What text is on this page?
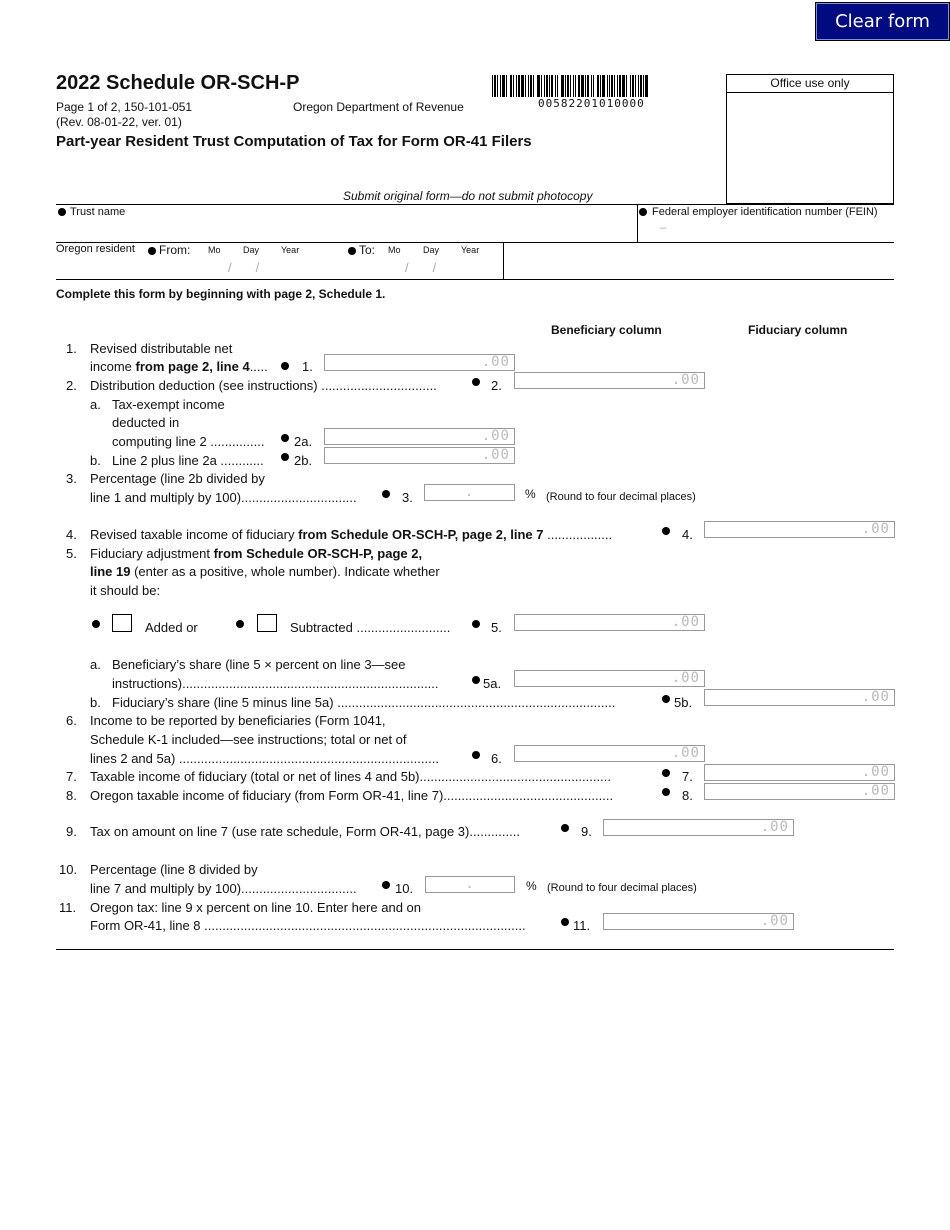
Clear form
2022 Schedule OR-SCH-P
Page 1 of 2, 150-101-051
(Rev. 08-01-22, ver. 01)
Oregon Department of Revenue	00582201010000
Office use only
Part-year Resident Trust Computation of Tax for Form OR-41 Filers
Submit original form—do not submit photocopy
Trust name	Federal employer identification number (FEIN)
–
Oregon resident From: Mo Day Year
/ /
To: Mo Day Year
/ /
Complete this form by beginning with page 2, Schedule 1.
Beneficiary column	Fiduciary column
1. Revised distributable net
income from page 2, line 4.....	1.	.00
2. Distribution deduction (see instructions) ................................	2.	.00
a. Tax-exempt income
deducted in
computing line 2 ............... 2a.	.00
b. Line 2 plus line 2a ............ 2b.	.00
3. Percentage (line 2b divided by
line 1 and multiply by 100)................................	3.	.	% (Round to four decimal places)
4. Revised taxable income of fiduciary from Schedule OR-SCH-P, page 2, line 7 ..................	4.	.00
5. Fiduciary adjustment from Schedule OR-SCH-P, page 2,
line 19 (enter as a positive, whole number). Indicate whether
it should be:
Added or	Subtracted ..........................	5.	.00
a. Beneficiary’s share (line 5 × percent on line 3—see
instructions).......................................................................	5a.	.00
b. Fiduciary’s share (line 5 minus line 5a) .............................................................................	5b.	.00
6. Income to be reported by beneficiaries (Form 1041,
Schedule K-1 included—see instructions; total or net of
lines 2 and 5a) ........................................................................	6.	.00
7. Taxable income of fiduciary (total or net of lines 4 and 5b).....................................................	7.	.00
8. Oregon taxable income of fiduciary (from Form OR-41, line 7)...............................................	8.	.00
9. Tax on amount on line 7 (use rate schedule, Form OR-41, page 3)..............	9.	.00
10. Percentage (line 8 divided by
line 7 and multiply by 100)................................	10.	.	% (Round to four decimal places)
11. Oregon tax: line 9 x percent on line 10. Enter here and on
Form OR-41, line 8 .........................................................................................	11.	.00
